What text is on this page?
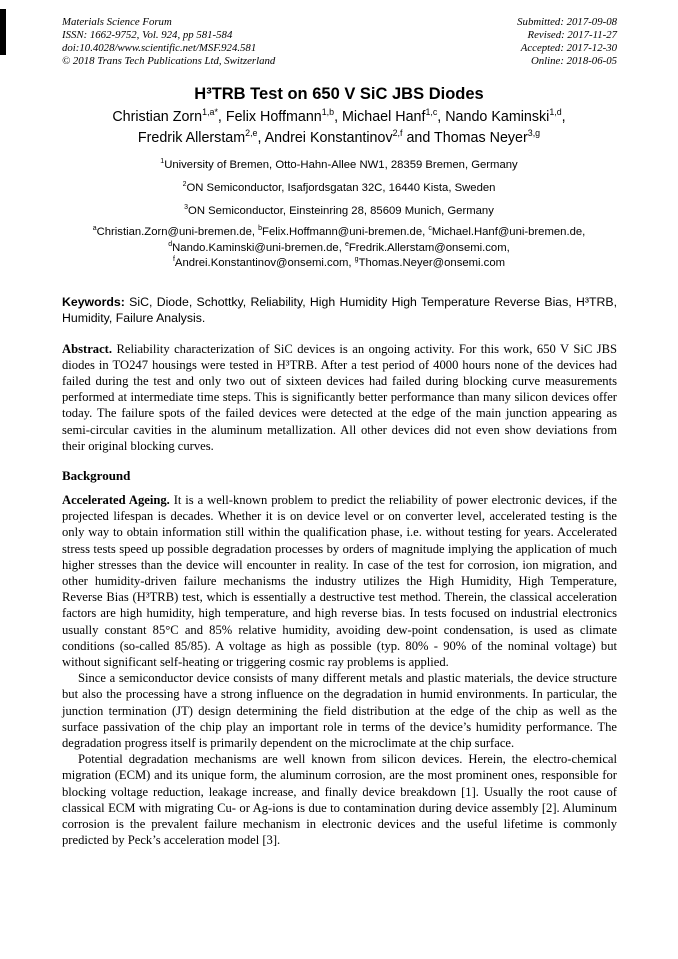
Materials Science Forum
ISSN: 1662-9752, Vol. 924, pp 581-584
doi:10.4028/www.scientific.net/MSF.924.581
© 2018 Trans Tech Publications Ltd, Switzerland
Submitted: 2017-09-08
Revised: 2017-11-27
Accepted: 2017-12-30
Online: 2018-06-05
H³TRB Test on 650 V SiC JBS Diodes
Christian Zorn$^{1,a*}$, Felix Hoffmann$^{1,b}$, Michael Hanf$^{1,c}$, Nando Kaminski$^{1,d}$,
Fredrik Allerstam$^{2,e}$, Andrei Konstantinov$^{2,f}$ and Thomas Neyer$^{3,g}$
$^1$University of Bremen, Otto-Hahn-Allee NW1, 28359 Bremen, Germany
$^2$ON Semiconductor, Isafjordsgatan 32C, 16440 Kista, Sweden
$^3$ON Semiconductor, Einsteinring 28, 85609 Munich, Germany
$^a$Christian.Zorn@uni-bremen.de, $^b$Felix.Hoffmann@uni-bremen.de, $^c$Michael.Hanf@uni-bremen.de,
$^d$Nando.Kaminski@uni-bremen.de, $^e$Fredrik.Allerstam@onsemi.com,
$^f$Andrei.Konstantinov@onsemi.com, $^g$Thomas.Neyer@onsemi.com

Keywords: SiC, Diode, Schottky, Reliability, High Humidity High Temperature Reverse Bias, H³TRB, Humidity, Failure Analysis.

Abstract. Reliability characterization of SiC devices is an ongoing activity. For this work, 650 V SiC JBS diodes in TO247 housings were tested in H³TRB. After a test period of 4000 hours none of the devices had failed during the test and only two out of sixteen devices had failed during blocking curve measurements performed at intermediate time steps. This is significantly better performance than many silicon devices offer today. The failure spots of the failed devices were detected at the edge of the main junction appearing as semi-circular cavities in the aluminum metallization. All other devices did not even show deviations from their original blocking curves.

Background

Accelerated Ageing. It is a well-known problem to predict the reliability of power electronic devices, if the projected lifespan is decades. Whether it is on device level or on converter level, accelerated testing is the only way to obtain information still within the qualification phase, i.e. without testing for years. Accelerated stress tests speed up possible degradation processes by orders of magnitude implying the application of much higher stresses than the device will encounter in reality. In case of the test for corrosion, ion migration, and other humidity-driven failure mechanisms the industry utilizes the High Humidity, High Temperature, Reverse Bias (H³TRB) test, which is essentially a destructive test method. Therein, the classical acceleration factors are high humidity, high temperature, and high reverse bias. In tests focused on industrial electronics usually constant 85°C and 85% relative humidity, avoiding dew-point condensation, is used as climate conditions (so-called 85/85). A voltage as high as possible (typ. 80% - 90% of the nominal voltage) but without significant self-heating or triggering cosmic ray problems is applied.

Since a semiconductor device consists of many different metals and plastic materials, the device structure but also the processing have a strong influence on the degradation in humid environments. In particular, the junction termination (JT) design determining the field distribution at the edge of the chip as well as the surface passivation of the chip play an important role in terms of the device’s humidity performance. The degradation progress itself is primarily dependent on the microclimate at the chip surface.

Potential degradation mechanisms are well known from silicon devices. Herein, the electro-chemical migration (ECM) and its unique form, the aluminum corrosion, are the most prominent ones, responsible for blocking voltage reduction, leakage increase, and finally device breakdown [1]. Usually the root cause of classical ECM with migrating Cu- or Ag-ions is due to contamination during device assembly [2]. Aluminum corrosion is the prevalent failure mechanism in electronic devices and the useful lifetime is commonly predicted by Peck’s acceleration model [3].
